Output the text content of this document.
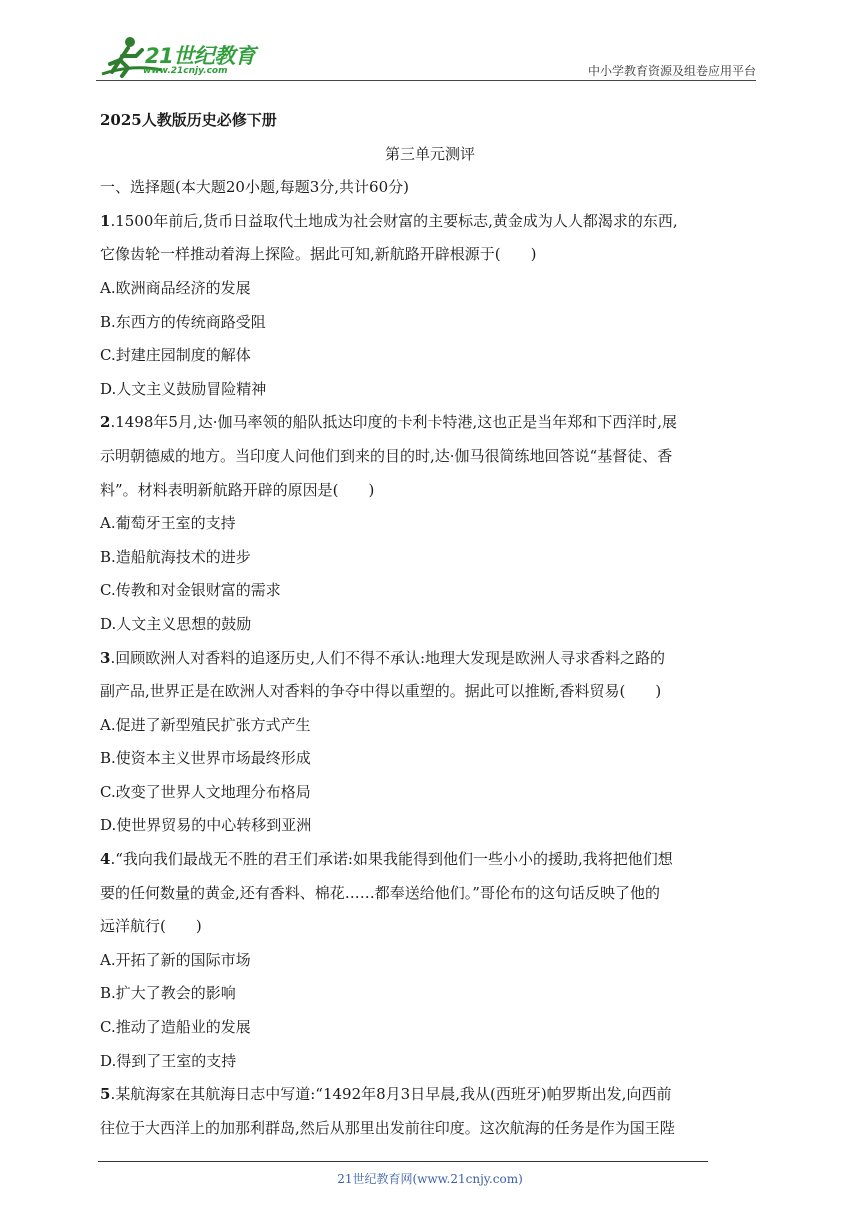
21世纪教育
www.21cnjy.com	中小学教育资源及组卷应用平台

2025人教版历史必修下册

第三单元测评

一、选择题(本大题20小题,每题3分,共计60分)

1.1500年前后,货币日益取代土地成为社会财富的主要标志,黄金成为人人都渴求的东西,

它像齿轮一样推动着海上探险。据此可知,新航路开辟根源于(　　)

A.欧洲商品经济的发展

B.东西方的传统商路受阻

C.封建庄园制度的解体

D.人文主义鼓励冒险精神

2.1498年5月,达·伽马率领的船队抵达印度的卡利卡特港,这也正是当年郑和下西洋时,展

示明朝德威的地方。当印度人问他们到来的目的时,达·伽马很简练地回答说“基督徒、香

料”。材料表明新航路开辟的原因是(　　)

A.葡萄牙王室的支持

B.造船航海技术的进步

C.传教和对金银财富的需求

D.人文主义思想的鼓励

3.回顾欧洲人对香料的追逐历史,人们不得不承认:地理大发现是欧洲人寻求香料之路的

副产品,世界正是在欧洲人对香料的争夺中得以重塑的。据此可以推断,香料贸易(　　)

A.促进了新型殖民扩张方式产生

B.使资本主义世界市场最终形成

C.改变了世界人文地理分布格局

D.使世界贸易的中心转移到亚洲

4.“我向我们最战无不胜的君王们承诺:如果我能得到他们一些小小的援助,我将把他们想

要的任何数量的黄金,还有香料、棉花……都奉送给他们。”哥伦布的这句话反映了他的

远洋航行(　　)

A.开拓了新的国际市场

B.扩大了教会的影响

C.推动了造船业的发展

D.得到了王室的支持

5.某航海家在其航海日志中写道:“1492年8月3日早晨,我从(西班牙)帕罗斯出发,向西前

往位于大西洋上的加那利群岛,然后从那里出发前往印度。这次航海的任务是作为国王陛

21世纪教育网(www.21cnjy.com)
